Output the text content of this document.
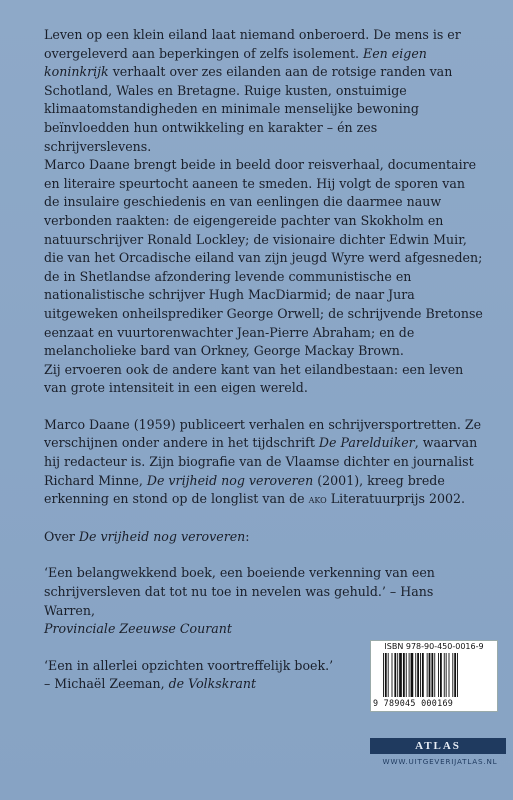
Leven op een klein eiland laat niemand onberoerd. De mens is er overgeleverd aan beperkingen of zelfs isolement. Een eigen koninkrijk verhaalt over zes eilanden aan de rotsige randen van Schotland, Wales en Bretagne. Ruige kusten, onstuimige klimaatomstandigheden en minimale menselijke bewoning beïnvloedden hun ontwikkeling en karakter – én zes schrijverslevens.

Marco Daane brengt beide in beeld door reisverhaal, documentaire en literaire speurtocht aaneen te smeden. Hij volgt de sporen van de insulaire geschiedenis en van eenlingen die daarmee nauw verbonden raakten: de eigengereide pachter van Skokholm en natuurschrijver Ronald Lockley; de visionaire dichter Edwin Muir, die van het Orcadische eiland van zijn jeugd Wyre werd afgesneden; de in Shetlandse afzondering levende communistische en nationalistische schrijver Hugh MacDiarmid; de naar Jura uitgeweken onheilsprediker George Orwell; de schrijvende Bretonse eenzaat en vuurtorenwachter Jean-Pierre Abraham; en de melancholieke bard van Orkney, George Mackay Brown.

Zij ervoeren ook de andere kant van het eilandbestaan: een leven van grote intensiteit in een eigen wereld.

Marco Daane (1959) publiceert verhalen en schrijversportretten. Ze verschijnen onder andere in het tijdschrift De Parelduiker, waarvan hij redacteur is. Zijn biografie van de Vlaamse dichter en journalist Richard Minne, De vrijheid nog veroveren (2001), kreeg brede erkenning en stond op de longlist van de ako Literatuurprijs 2002.

Over De vrijheid nog veroveren:

‘Een belangwekkend boek, een boeiende verkenning van een schrijversleven dat tot nu toe in nevelen was gehuld.’ – Hans Warren,
Provinciale Zeeuwse Courant

‘Een in allerlei opzichten voortreffelijk boek.’
– Michaël Zeeman, de Volkskrant

ISBN 978-90-450-0016-9
9 789045 000169
ATLAS
WWW.UITGEVERIJATLAS.NL
